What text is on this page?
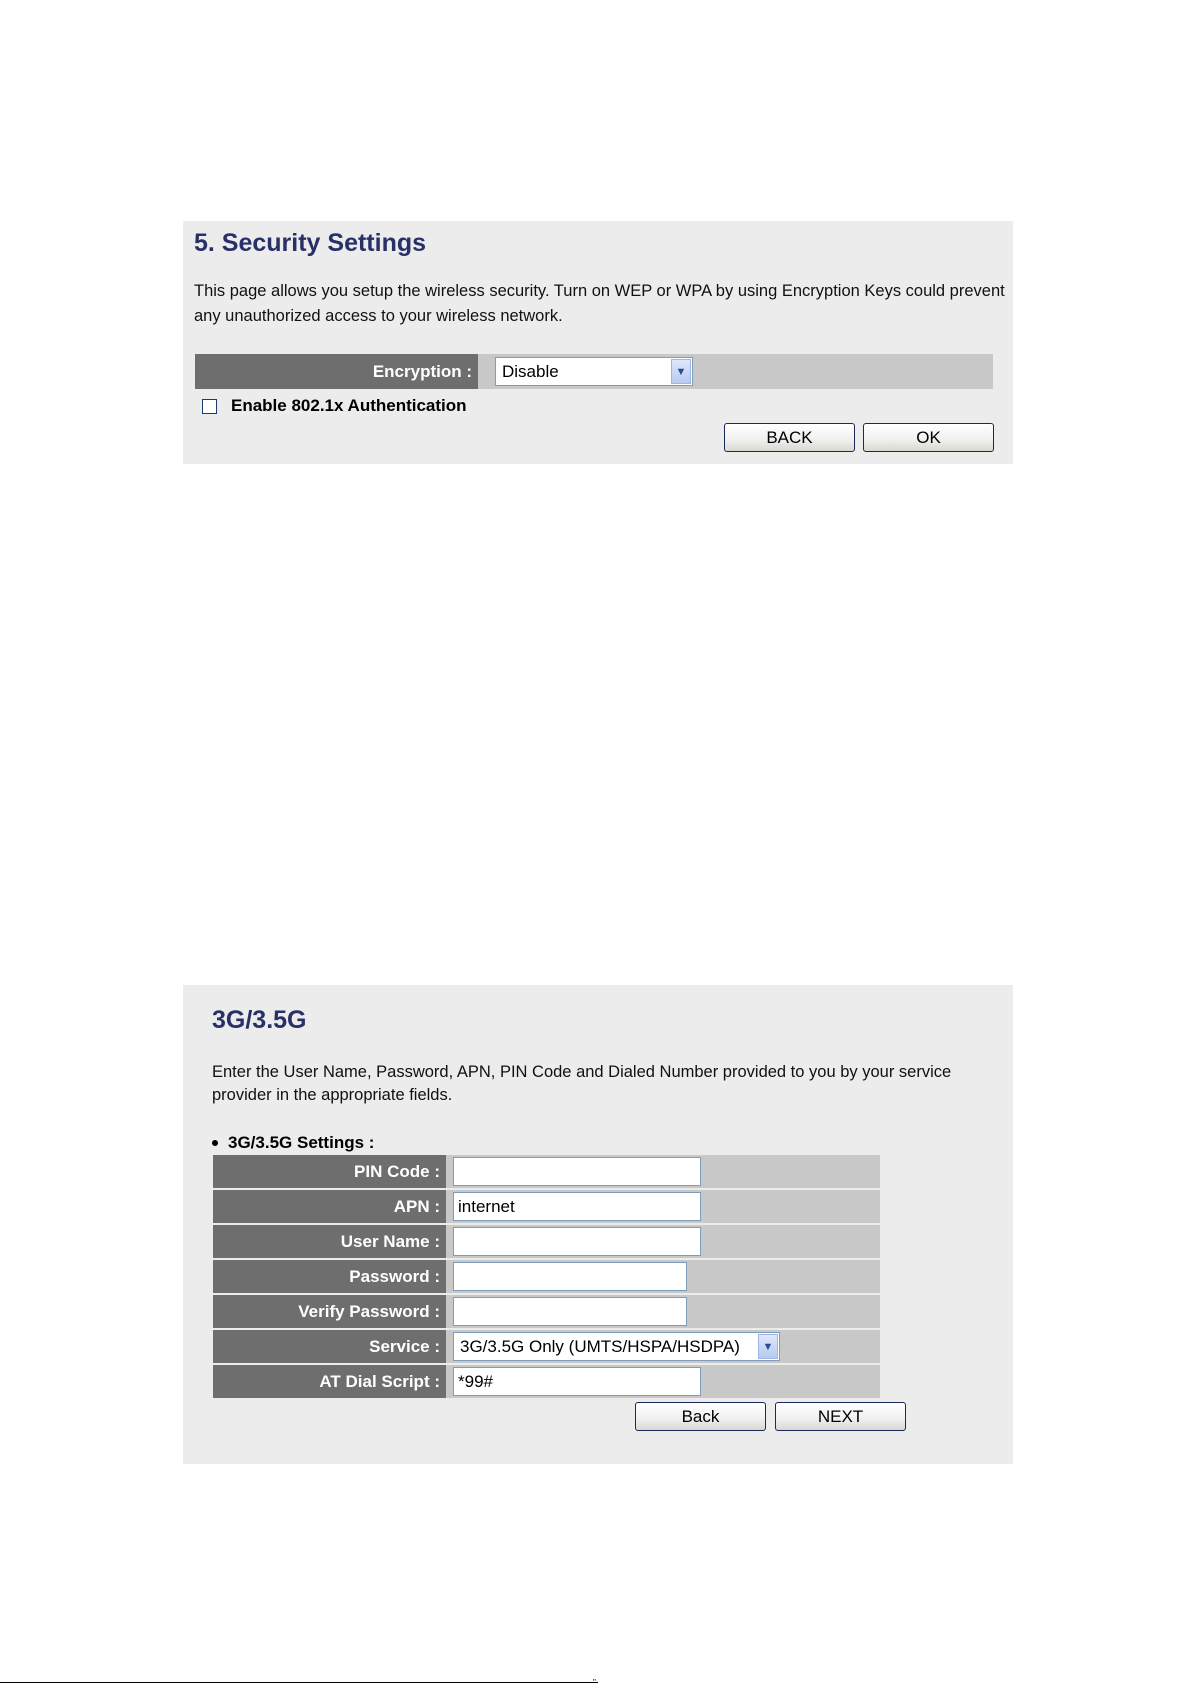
5. Security Settings
This page allows you setup the wireless security. Turn on WEP or WPA by using Encryption Keys could prevent any unauthorized access to your wireless network.
Encryption :	Disable	▼
Enable 802.1x Authentication
BACK	OK
3G/3.5G
Enter the User Name, Password, APN, PIN Code and Dialed Number provided to you by your service provider in the appropriate fields.
3G/3.5G Settings :
PIN Code :
APN :	internet
User Name :
Password :
Verify Password :
Service :	3G/3.5G Only (UMTS/HSPA/HSDPA)	▼
AT Dial Script :	*99#
Back	NEXT
"
